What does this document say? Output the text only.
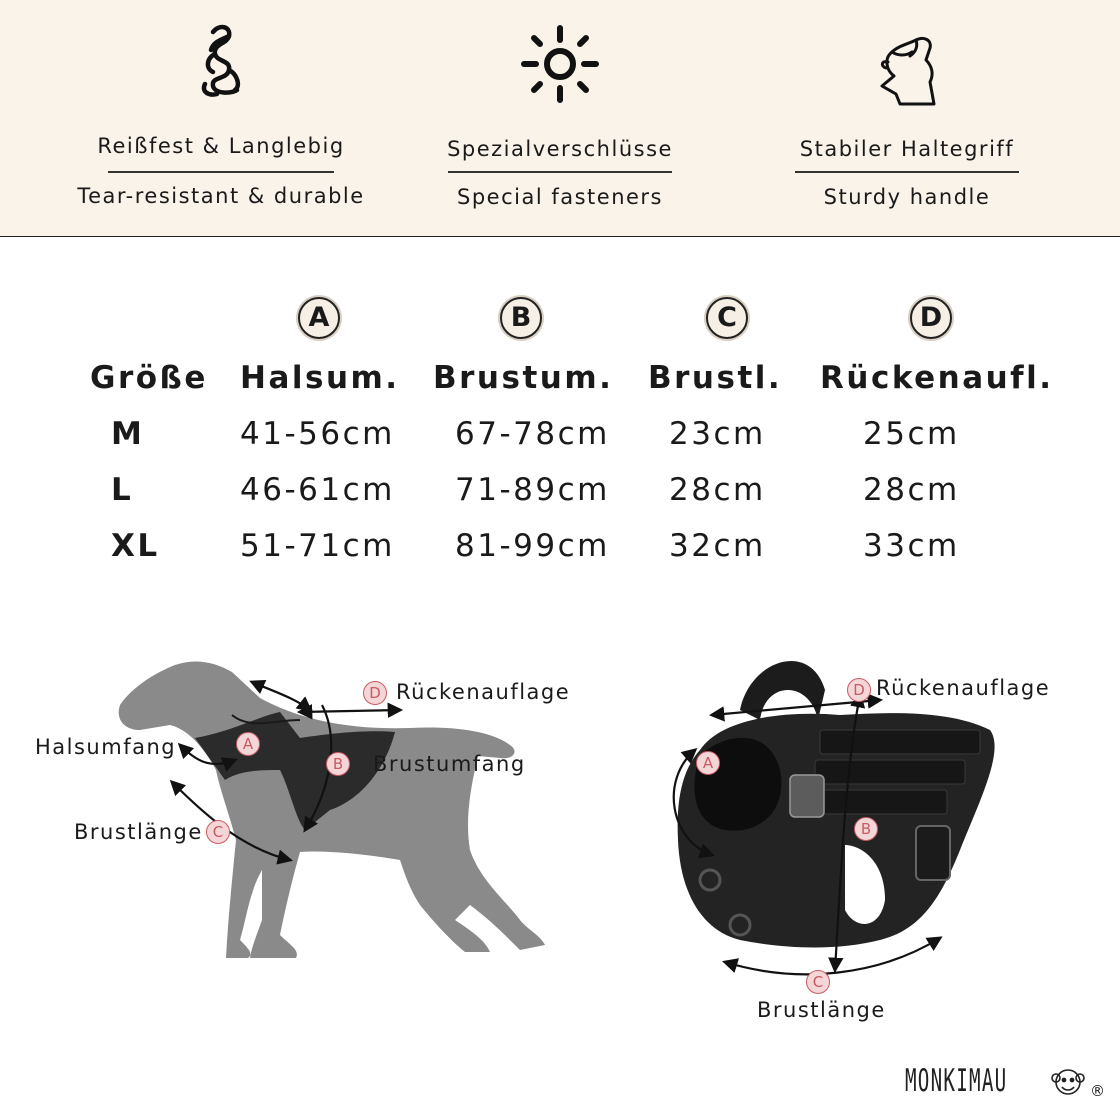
Reißfest & Langlebig
Tear-resistant & durable
Spezialverschlüsse
Special fasteners
Stabiler Haltegriff
Sturdy handle
A	B	C	D
Größe Halsum. Brustum. Brustl. Rückenaufl.
M	41-56cm 67-78cm 23cm	25cm
L	46-61cm 71-89cm 28cm	28cm
XL	51-71cm 81-99cm 32cm	33cm
A
B
C
D Rückenauflage
Halsumfang
Brustumfang
Brustlänge
A
B
C
D Rückenauflage
Brustlänge
MONKIMAU	®
